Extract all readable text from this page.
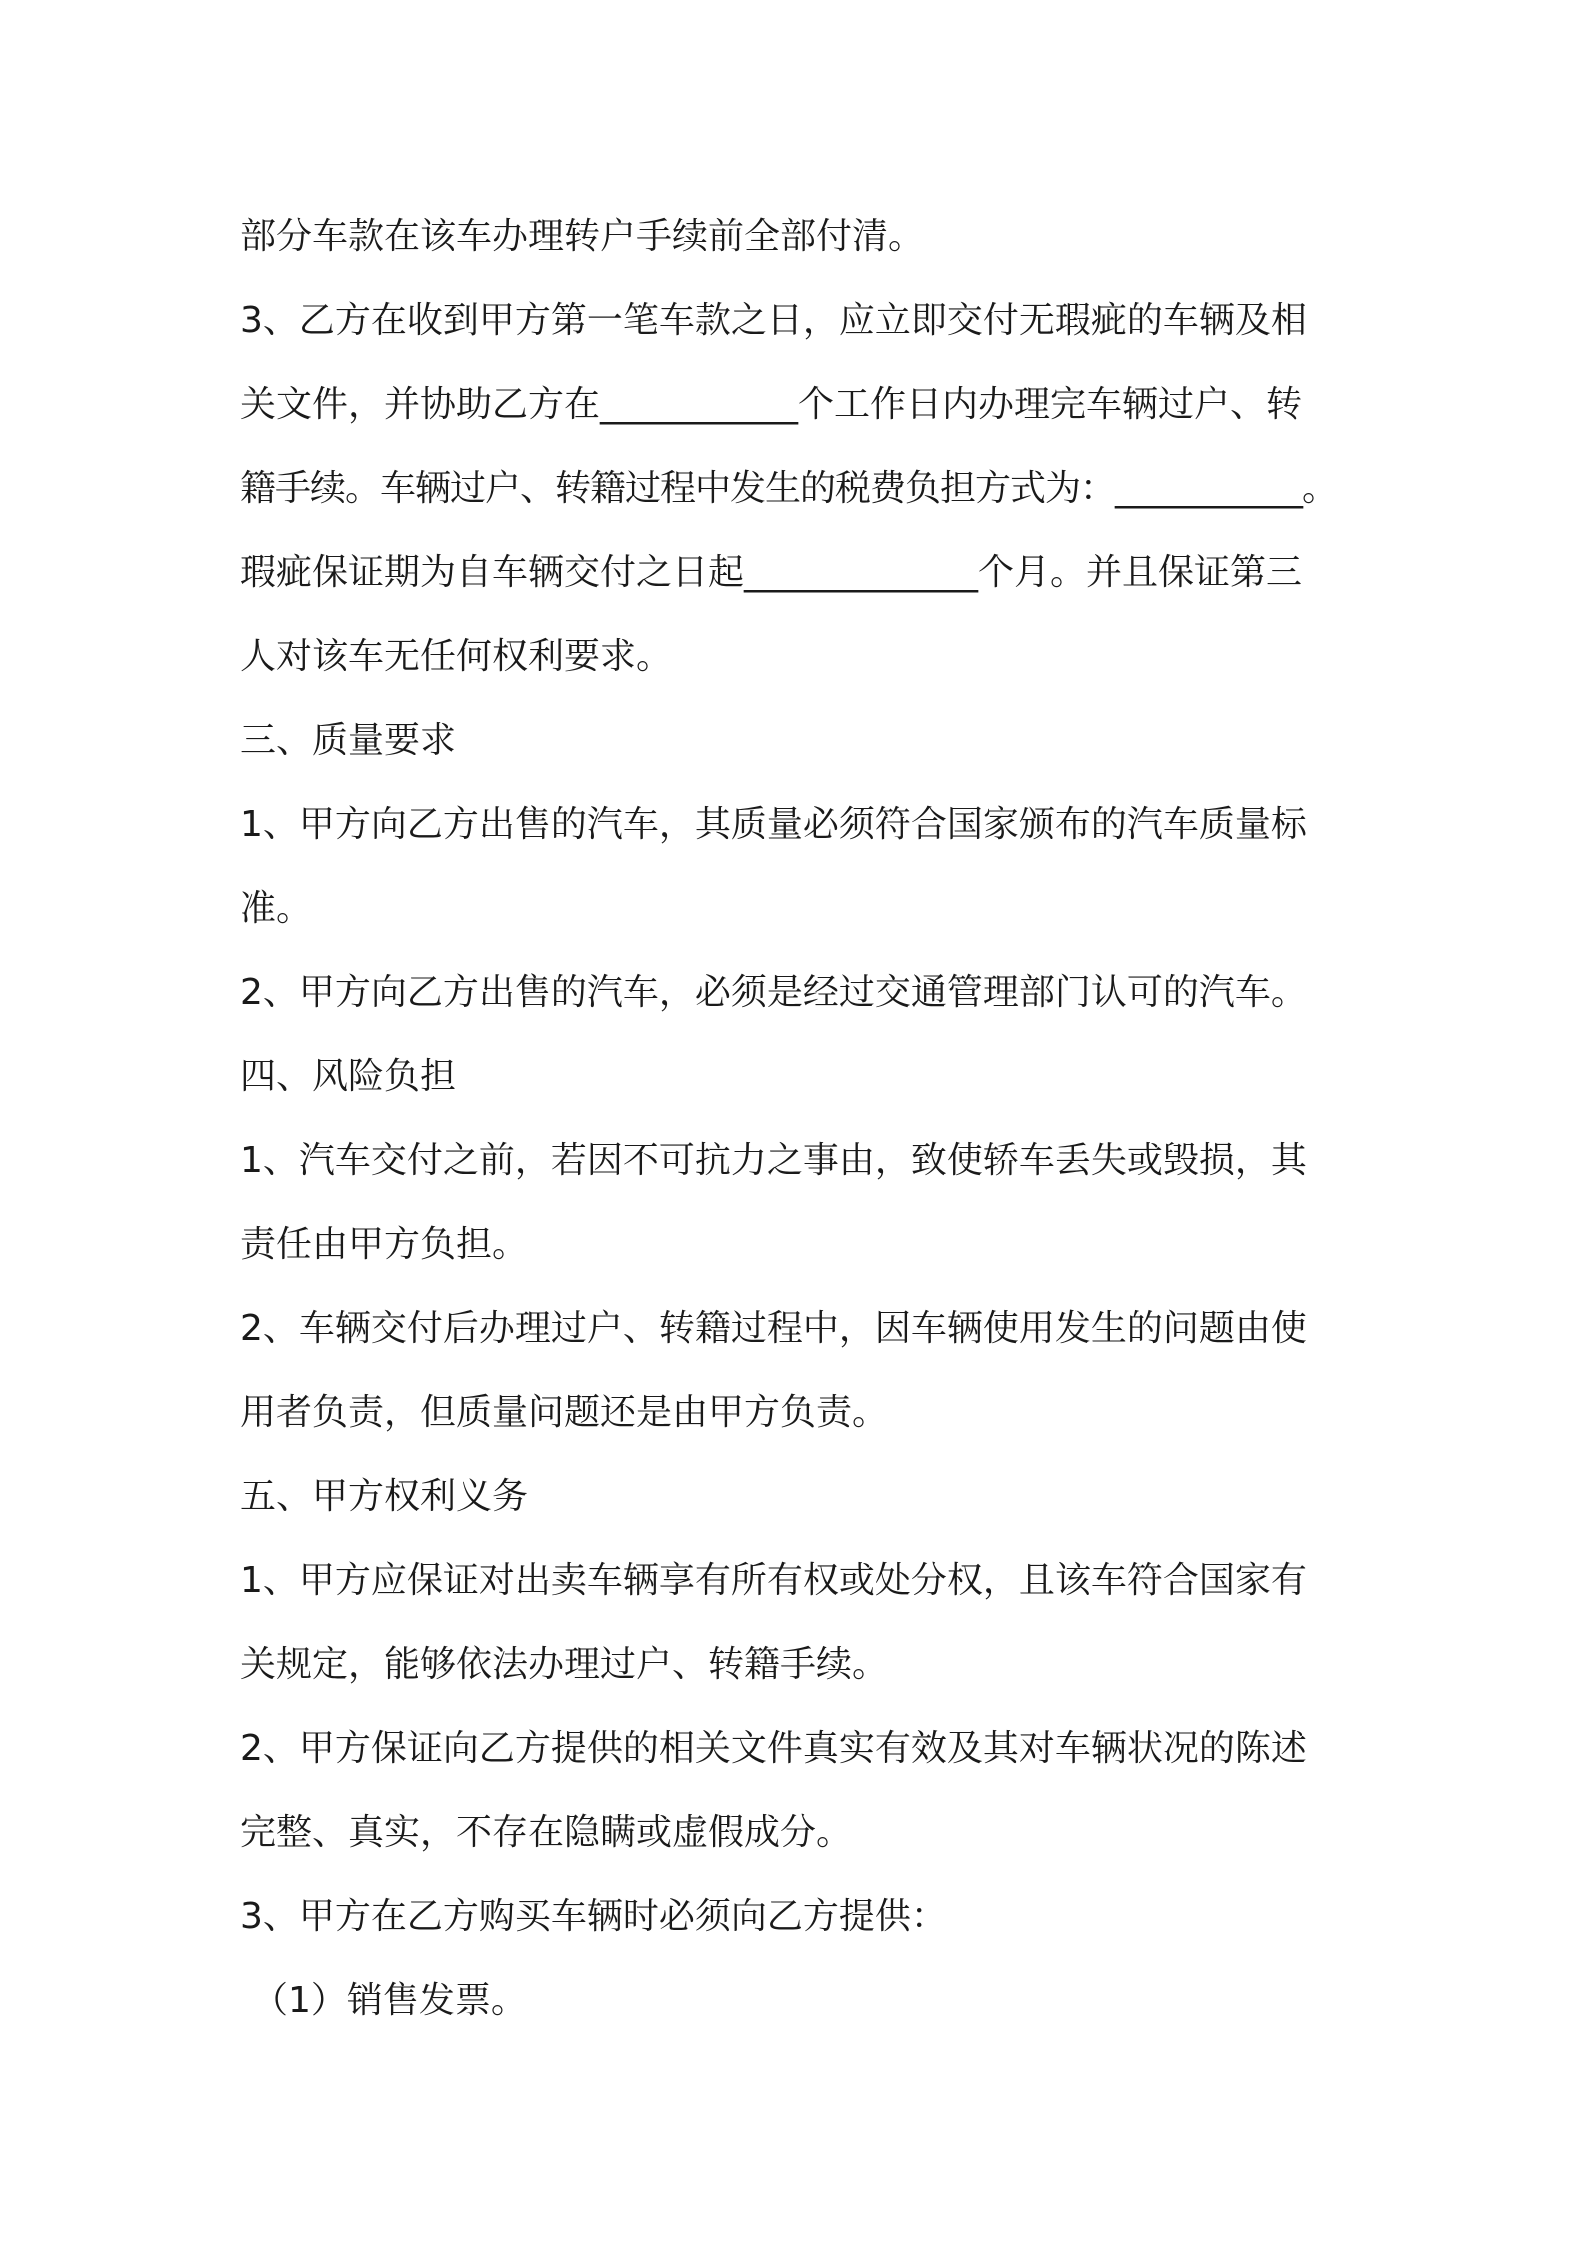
部分车款在该车办理转户手续前全部付清。
3、乙方在收到甲方第一笔车款之日，应立即交付无瑕疵的车辆及相
关文件，并协助乙方在___________个工作日内办理完车辆过户、转
籍手续。车辆过户、转籍过程中发生的税费负担方式为：___________。
瑕疵保证期为自车辆交付之日起_____________个月。并且保证第三
人对该车无任何权利要求。
三、质量要求
1、甲方向乙方出售的汽车，其质量必须符合国家颁布的汽车质量标
准。
2、甲方向乙方出售的汽车，必须是经过交通管理部门认可的汽车。
四、风险负担
1、汽车交付之前，若因不可抗力之事由，致使轿车丢失或毁损，其
责任由甲方负担。
2、车辆交付后办理过户、转籍过程中，因车辆使用发生的问题由使
用者负责，但质量问题还是由甲方负责。
五、甲方权利义务
1、甲方应保证对出卖车辆享有所有权或处分权，且该车符合国家有
关规定，能够依法办理过户、转籍手续。
2、甲方保证向乙方提供的相关文件真实有效及其对车辆状况的陈述
完整、真实，不存在隐瞒或虚假成分。
3、甲方在乙方购买车辆时必须向乙方提供：
（1）销售发票。
